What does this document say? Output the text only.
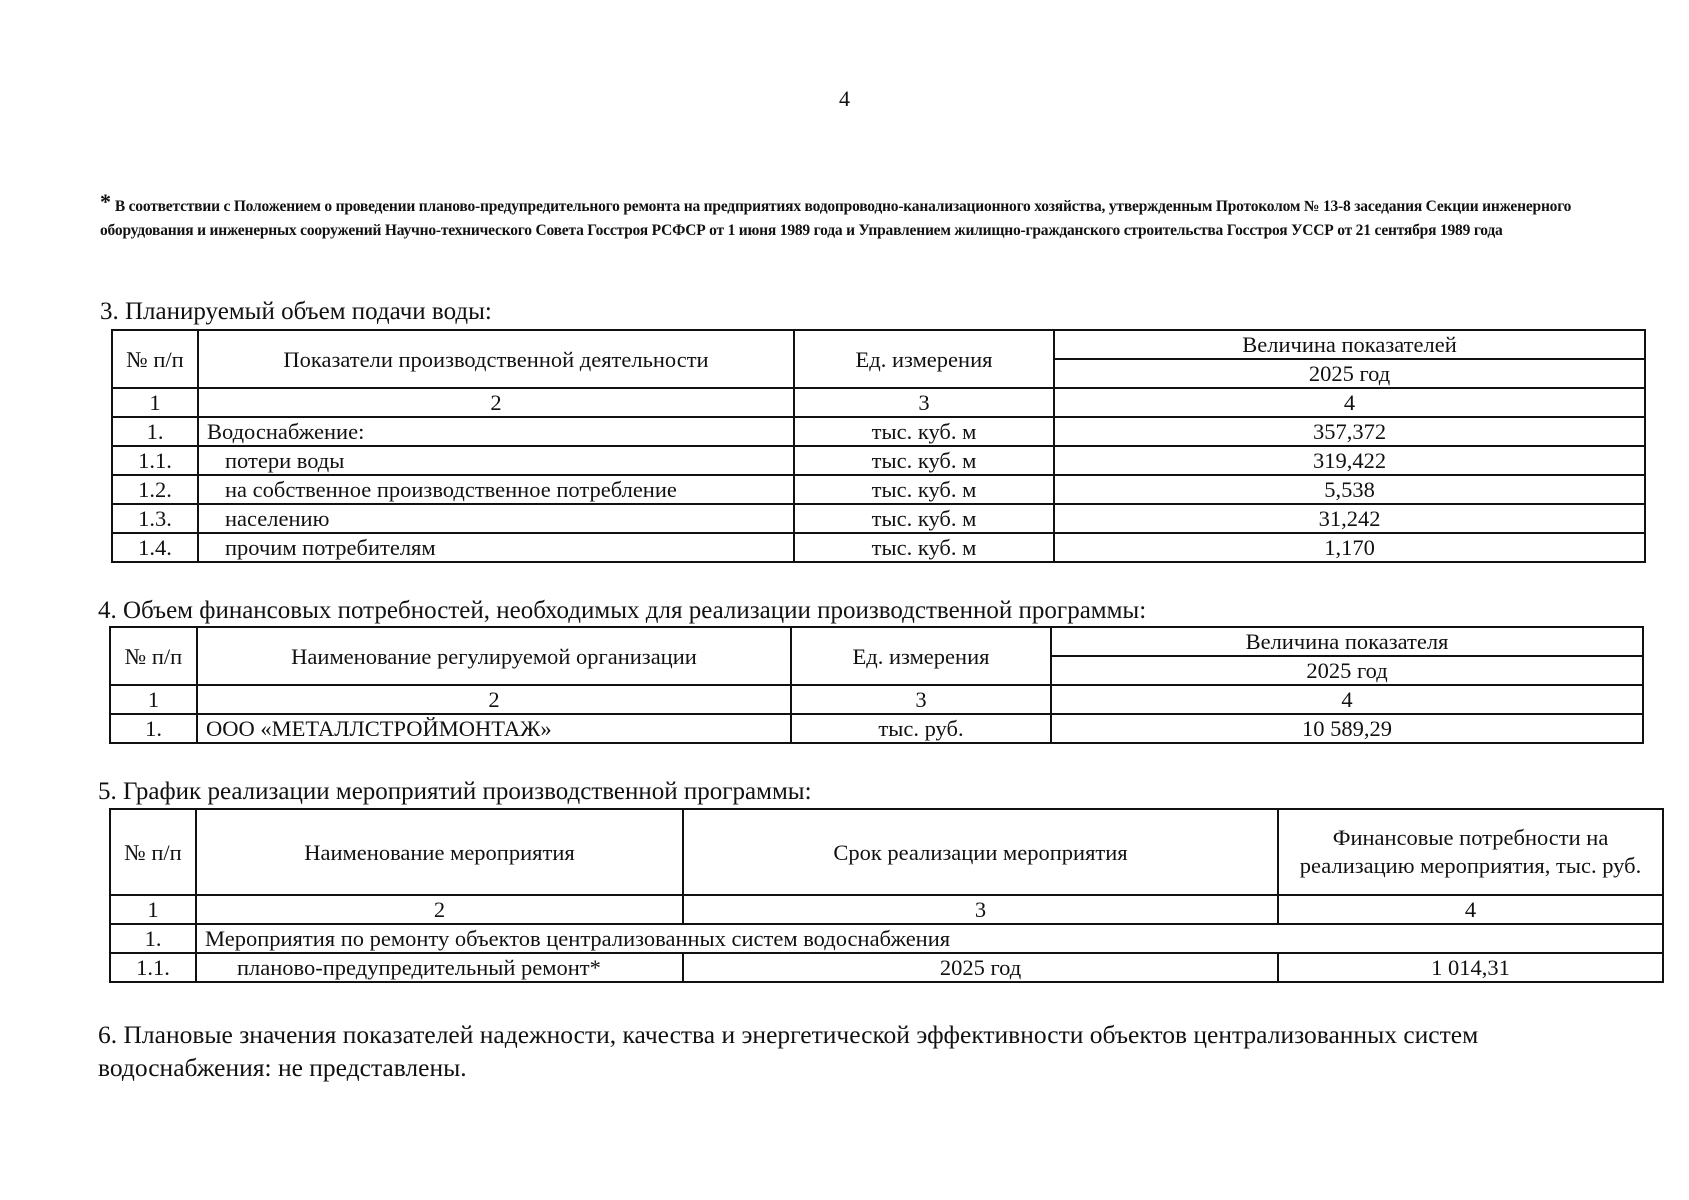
4
* В соответствии с Положением о проведении планово-предупредительного ремонта на предприятиях водопроводно-канализационного хозяйства, утвержденным Протоколом № 13-8 заседания Секции инженерного оборудования и инженерных сооружений Научно-технического Совета Госстроя РСФСР от 1 июня 1989 года и Управлением жилищно-гражданского строительства Госстроя УССР от 21 сентября 1989 года
3. Планируемый объем подачи воды:
№ п/п	Показатели производственной деятельности	Ед. измерения	Величина показателей
			2025 год
1	2	3	4
1.	Водоснабжение:	тыс. куб. м	357,372
1.1.	потери воды	тыс. куб. м	319,422
1.2.	на собственное производственное потребление	тыс. куб. м	5,538
1.3.	населению	тыс. куб. м	31,242
1.4.	прочим потребителям	тыс. куб. м	1,170
4. Объем финансовых потребностей, необходимых для реализации производственной программы:
№ п/п	Наименование регулируемой организации	Ед. измерения	Величина показателя
			2025 год
1	2	3	4
1.	ООО «МЕТАЛЛСТРОЙМОНТАЖ»	тыс. руб.	10 589,29
5. График реализации мероприятий производственной программы:
№ п/п	Наименование мероприятия	Срок реализации мероприятия	Финансовые потребности на реализацию мероприятия, тыс. руб.
1	2	3	4
1.	Мероприятия по ремонту объектов централизованных систем водоснабжения		
1.1.	планово-предупредительный ремонт*	2025 год	1 014,31
6. Плановые значения показателей надежности, качества и энергетической эффективности объектов централизованных систем водоснабжения: не представлены.
